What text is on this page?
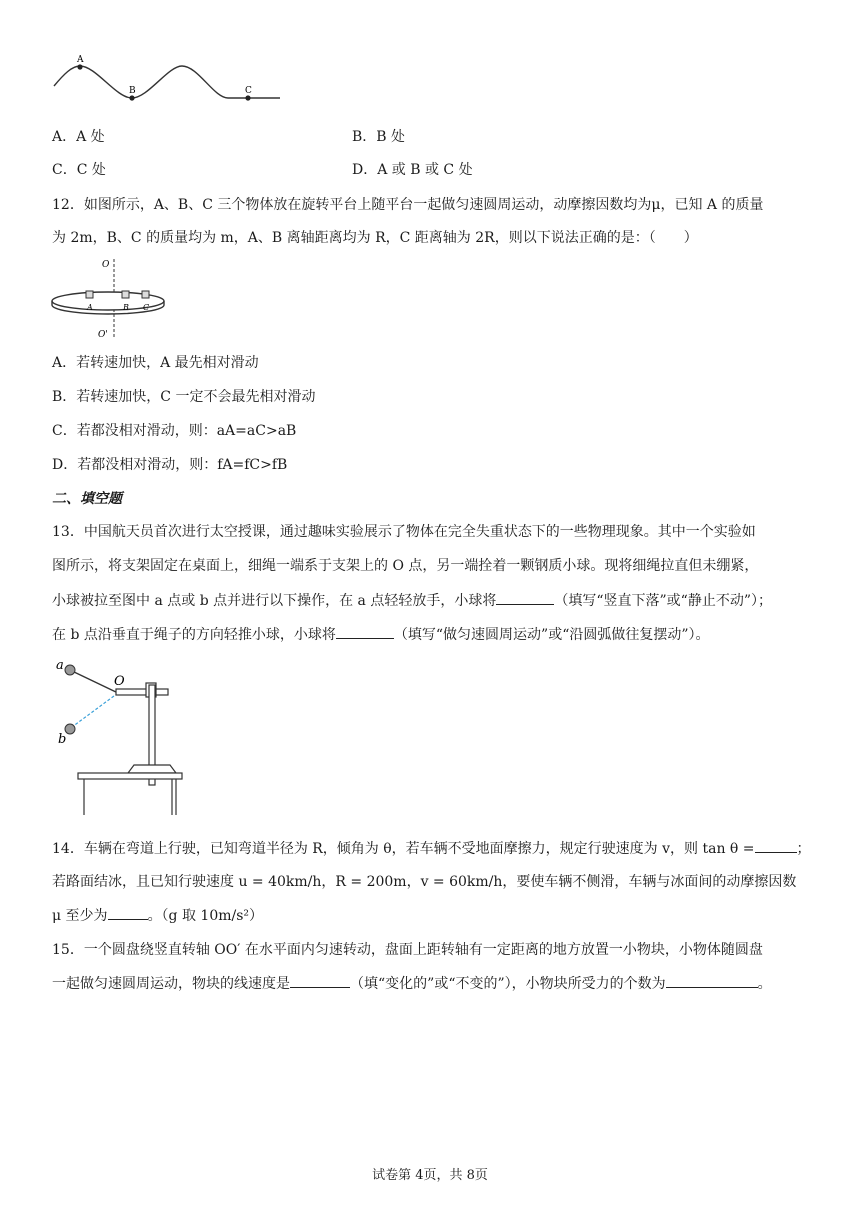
A
B	C
A．A 处	B．B 处
C．C 处	D．A 或 B 或 C 处
12．如图所示，A、B、C 三个物体放在旋转平台上随平台一起做匀速圆周运动，动摩擦因数均为μ，已知 A 的质量
为 2m，B、C 的质量均为 m，A、B 离轴距离均为 R，C 距离轴为 2R，则以下说法正确的是：（　　）
O
A	B C
O'
A．若转速加快，A 最先相对滑动
B．若转速加快，C 一定不会最先相对滑动
C．若都没相对滑动，则：aA=aC>aB
D．若都没相对滑动，则：fA=fC>fB
二、填空题
13．中国航天员首次进行太空授课，通过趣味实验展示了物体在完全失重状态下的一些物理现象。其中一个实验如
图所示，将支架固定在桌面上，细绳一端系于支架上的 O 点，另一端拴着一颗钢质小球。现将细绳拉直但未绷紧，
小球被拉至图中 a 点或 b 点并进行以下操作，在 a 点轻轻放手，小球将	（填写“竖直下落”或“静止不动”）；
在 b 点沿垂直于绳子的方向轻推小球，小球将	（填写“做匀速圆周运动”或“沿圆弧做往复摆动”）。
a
O
b
14．车辆在弯道上行驶，已知弯道半径为 R，倾角为 θ，若车辆不受地面摩擦力，规定行驶速度为 v，则 tan θ =	；
若路面结冰，且已知行驶速度 u = 40km/h，R = 200m，v = 60km/h，要使车辆不侧滑，车辆与冰面间的动摩擦因数
μ 至少为	。（g 取 10m/s²）
15．一个圆盘绕竖直转轴 OO′ 在水平面内匀速转动，盘面上距转轴有一定距离的地方放置一小物块，小物体随圆盘
一起做匀速圆周运动，物块的线速度是	（填“变化的”或“不变的”），小物块所受力的个数为	。
试卷第 4页，共 8页
